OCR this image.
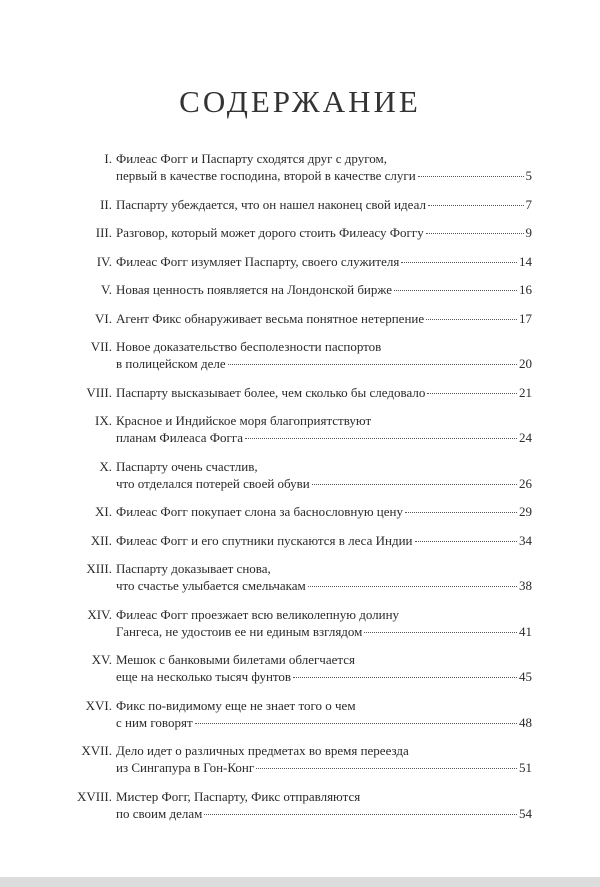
СОДЕРЖАНИЕ
I. Филеас Фогг и Паспарту сходятся друг с другом,
первый в качестве господина, второй в качестве слуги	5
II. Паспарту убеждается, что он нашел наконец свой идеал	7
III. Разговор, который может дорого стоить Филеасу Фоггу	9
IV. Филеас Фогг изумляет Паспарту, своего служителя	14
V. Новая ценность появляется на Лондонской бирже	16
VI. Агент Фикс обнаруживает весьма понятное нетерпение	17
VII. Новое доказательство бесполезности паспортов
в полицейском деле	20
VIII. Паспарту высказывает более, чем сколько бы следовало	21
IX. Красное и Индийское моря благоприятствуют
планам Филеаса Фогга	24
X. Паспарту очень счастлив,
что отделался потерей своей обуви	26
XI. Филеас Фогг покупает слона за баснословную цену	29
XII. Филеас Фогг и его спутники пускаются в леса Индии	34
XIII. Паспарту доказывает снова,
что счастье улыбается смельчакам	38
XIV. Филеас Фогг проезжает всю великолепную долину
Гангеса, не удостоив ее ни единым взглядом	41
XV. Мешок с банковыми билетами облегчается
еще на несколько тысяч фунтов	45
XVI. Фикс по-видимому еще не знает того о чем
с ним говорят	48
XVII. Дело идет о различных предметах во время переезда
из Сингапура в Гон-Конг	51
XVIII. Мистер Фогг, Паспарту, Фикс отправляются
по своим делам	54
